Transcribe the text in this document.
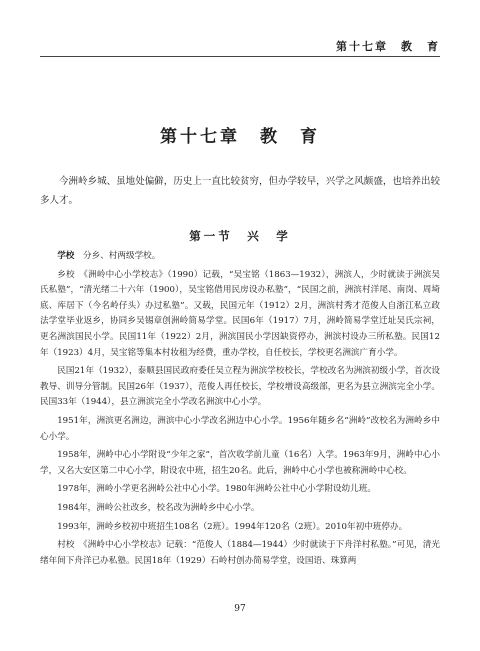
第十七章　教　育
第十七章　教　育
今洲岭乡城、虽地处偏僻，历史上一直比较贫穷，但办学较早，兴学之风颇盛，也培养出较多人才。
第一节　兴　学

学校　 分乡、村两级学校。

乡校　《洲岭中心小学校志》（1990）记载，“吴宝铭（1863—1932），洲滨人，少时就读于洲滨吴氏私塾”，“清光绪二十六年（1900），吴宝铭借用民房设办私塾”，“民国之前，洲滨村洋尾、南岗、周埼底、库居下（今名岭仔头）办过私塾”。又载，民国元年（1912）2月，洲滨村秀才范俊人自浙江私立政法学堂毕业返乡，协同乡吴锡章创洲岭简易学堂。民国6年（1917）7月，洲岭简易学堂迁址吴氏宗祠，更名洲滨国民小学。民国11年（1922）2月，洲滨国民小学因缺资停办，洲滨村设办三所私塾。民国12年（1923）4月，吴宝铭等集本村妆租为经费，重办学校，自任校长，学校更名洲滨广育小学。

民国21年（1932），泰顺县国民政府委任吴立程为洲滨学校校长，学校改名为洲滨初级小学，首次设教导、训导分管制。民国26年（1937），范俊人再任校长，学校增设高级部，更名为县立洲滨完全小学。民国33年（1944），县立洲滨完全小学改名洲滨中心小学。

1951年，洲滨更名洲边，洲滨中心小学改名洲边中心小学。1956年随乡名“洲岭”改校名为洲岭乡中心小学。

1958年，洲岭中心小学附设“少年之家”，首次收学前儿童（16名）入学。1963年9月，洲岭中心小学，又名大安区第二中心小学，附设农中班，招生20名。此后，洲岭中心小学也被称洲岭中心校。

1978年，洲岭小学更名洲岭公社中心小学。1980年洲岭公社中心小学附设幼儿班。

1984年，洲岭公社改乡，校名改为洲岭乡中心小学。

1993年，洲岭乡校初中班招生108名（2班）。1994年120名（2班）。2010年初中班停办。

村校　《洲岭中心小学校志》记载：“范俊人（1884—1944）少时就读于下舟洋村私塾。”可见，清光绪年间下舟洋已办私塾。民国18年（1929）石岭村创办简易学堂，设国语、珠算两

97
